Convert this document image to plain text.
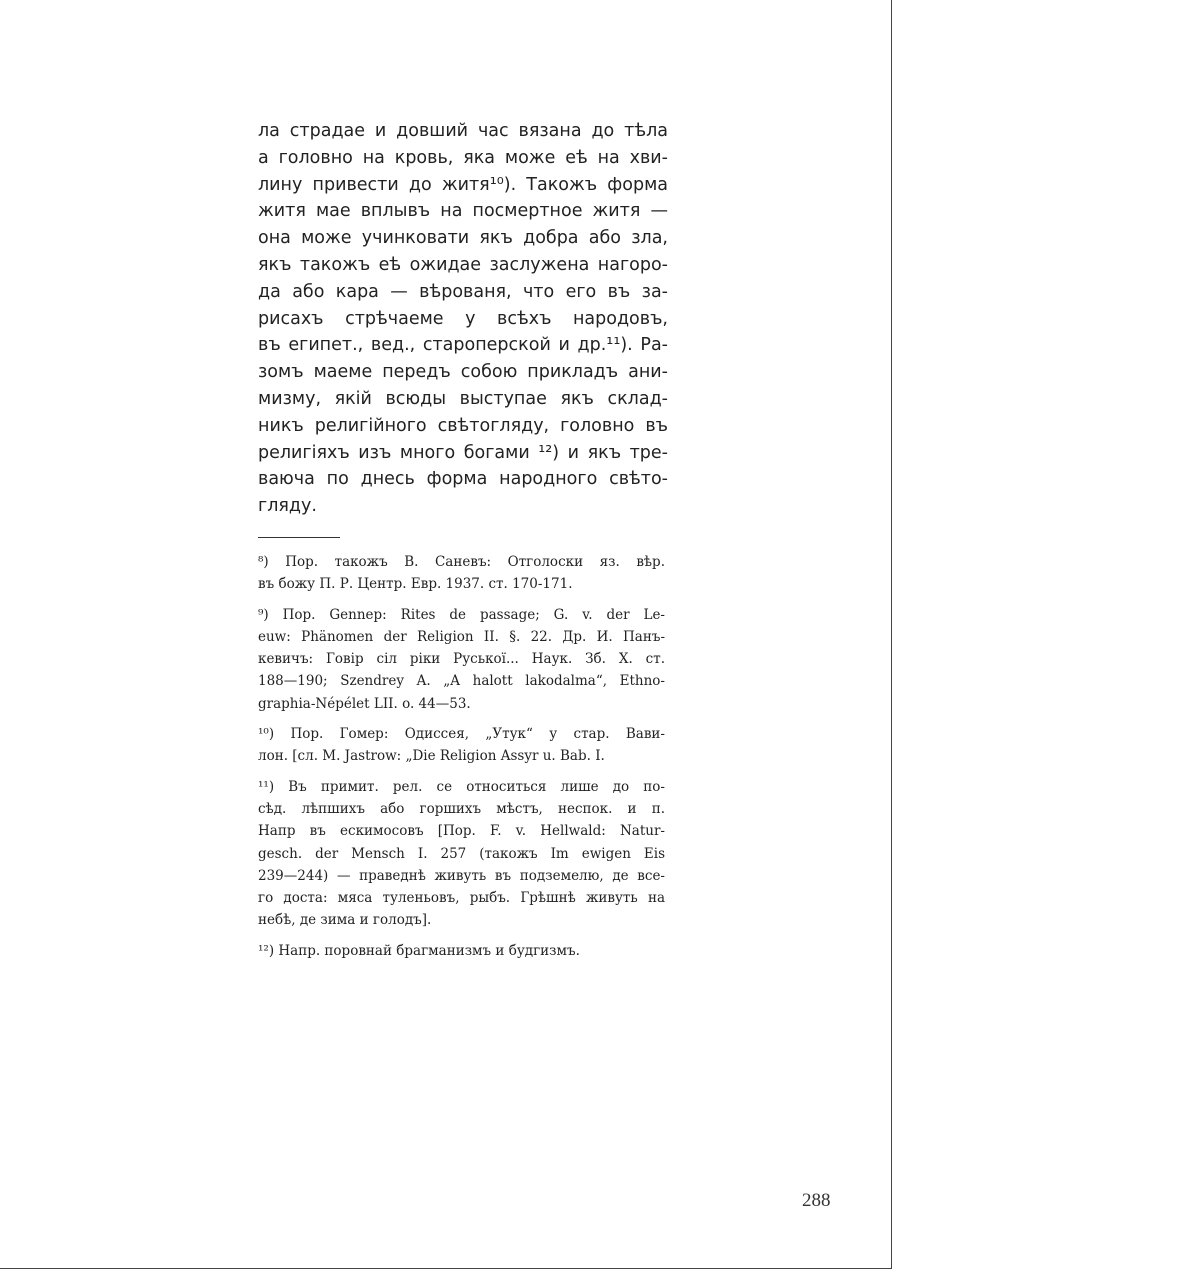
ла страдае и довший час вязана до тѣла
а головно на кровь, яка може еѣ на хви-
лину привести до житя¹⁰). Такожъ форма
житя мае вплывъ на посмертное житя —
она може учинковати якъ добра або зла,
якъ такожъ еѣ ожидае заслужена нагоро-
да або кара — вѣрованя, что его въ за-
рисахъ стрѣчаеме у всѣхъ народовъ,
въ египет., вед., староперской и др.¹¹). Ра-
зомъ маеме передъ собою прикладъ ани-
мизму, якій всюды выступае якъ склад-
никъ религійного свѣтогляду, головно въ
религіяхъ изъ много богами ¹²) и якъ тре-
ваюча по днесь форма народного свѣто-
гляду.
⁸) Пор. такожъ В. Саневъ: Отголоски яз. вѣр.
въ божу П. Р. Центр. Евр. 1937. ст. 170-171.
⁹) Пор. Gennep: Rites de passage; G. v. der Le-
euw: Phänomen der Religion II. §. 22. Др. И. Панъ-
кевичъ: Говір сіл ріки Руської... Наук. Зб. X. ст.
188—190; Szendrey A. „A halott lakodalma“, Ethno-
graphia-Népélet LII. o. 44—53.
¹⁰) Пор. Гомер: Одиссея, „Утук“ у стар. Вави-
лон. [сл. M. Jastrow: „Die Religion Assyr u. Bab. I.
¹¹) Въ примит. рел. се относиться лише до по-
сѣд. лѣпшихъ або горшихъ мѣстъ, неспок. и п.
Напр въ ескимосовъ [Пор. F. v. Hellwald: Natur-
gesch. der Mensch I. 257 (такожъ Im ewigen Eis
239—244) — праведнѣ живуть въ подземелю, де все-
го доста: мяса туленьовъ, рыбъ. Грѣшнѣ живуть на
небѣ, де зима и голодъ].
¹²) Напр. поровнай брагманизмъ и будгизмъ.
288
